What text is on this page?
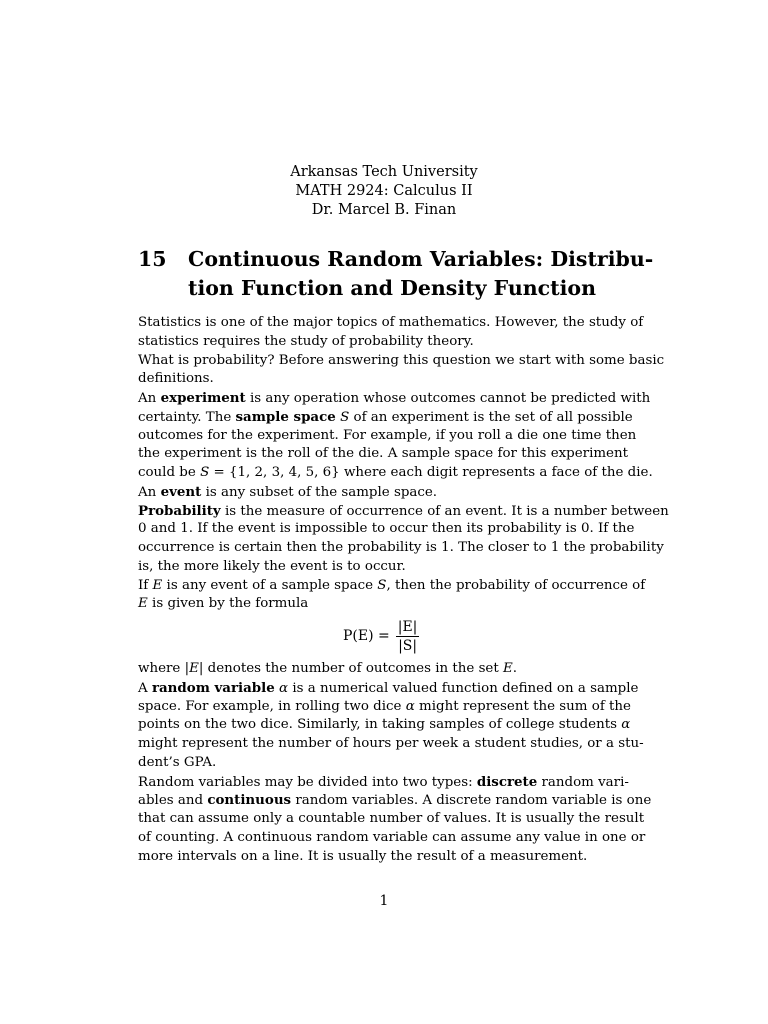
Arkansas Tech University
MATH 2924: Calculus II
Dr. Marcel B. Finan
15 Continuous Random Variables: Distribu-
tion Function and Density Function
Statistics is one of the major topics of mathematics. However, the study of
statistics requires the study of probability theory.
What is probability? Before answering this question we start with some basic
definitions.
An experiment is any operation whose outcomes cannot be predicted with
certainty. The sample space S of an experiment is the set of all possible
outcomes for the experiment. For example, if you roll a die one time then
the experiment is the roll of the die. A sample space for this experiment
could be S = {1, 2, 3, 4, 5, 6} where each digit represents a face of the die.
An event is any subset of the sample space.
Probability is the measure of occurrence of an event. It is a number between
0 and 1. If the event is impossible to occur then its probability is 0. If the
occurrence is certain then the probability is 1. The closer to 1 the probability
is, the more likely the event is to occur.
If E is any event of a sample space S, then the probability of occurrence of
E is given by the formula
$P(E) = \frac{|E|}{|S|}$
where |E| denotes the number of outcomes in the set E.
A random variable α is a numerical valued function defined on a sample
space. For example, in rolling two dice α might represent the sum of the
points on the two dice. Similarly, in taking samples of college students α
might represent the number of hours per week a student studies, or a stu-
dent’s GPA.
Random variables may be divided into two types: discrete random vari-
ables and continuous random variables. A discrete random variable is one
that can assume only a countable number of values. It is usually the result
of counting. A continuous random variable can assume any value in one or
more intervals on a line. It is usually the result of a measurement.
1
